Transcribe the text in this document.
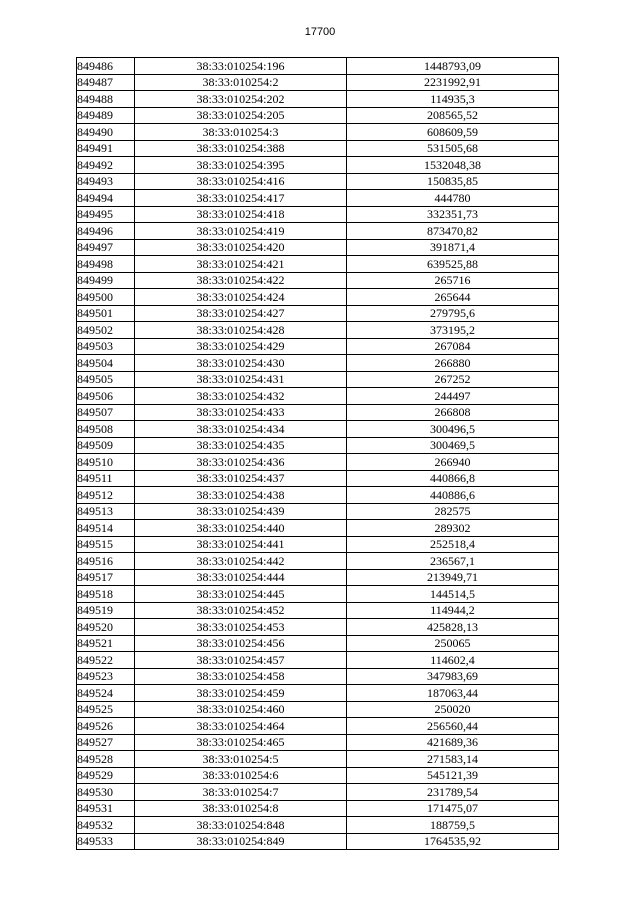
17700
849486	38:33:010254:196	1448793,09
849487	38:33:010254:2	2231992,91
849488	38:33:010254:202	114935,3
849489	38:33:010254:205	208565,52
849490	38:33:010254:3	608609,59
849491	38:33:010254:388	531505,68
849492	38:33:010254:395	1532048,38
849493	38:33:010254:416	150835,85
849494	38:33:010254:417	444780
849495	38:33:010254:418	332351,73
849496	38:33:010254:419	873470,82
849497	38:33:010254:420	391871,4
849498	38:33:010254:421	639525,88
849499	38:33:010254:422	265716
849500	38:33:010254:424	265644
849501	38:33:010254:427	279795,6
849502	38:33:010254:428	373195,2
849503	38:33:010254:429	267084
849504	38:33:010254:430	266880
849505	38:33:010254:431	267252
849506	38:33:010254:432	244497
849507	38:33:010254:433	266808
849508	38:33:010254:434	300496,5
849509	38:33:010254:435	300469,5
849510	38:33:010254:436	266940
849511	38:33:010254:437	440866,8
849512	38:33:010254:438	440886,6
849513	38:33:010254:439	282575
849514	38:33:010254:440	289302
849515	38:33:010254:441	252518,4
849516	38:33:010254:442	236567,1
849517	38:33:010254:444	213949,71
849518	38:33:010254:445	144514,5
849519	38:33:010254:452	114944,2
849520	38:33:010254:453	425828,13
849521	38:33:010254:456	250065
849522	38:33:010254:457	114602,4
849523	38:33:010254:458	347983,69
849524	38:33:010254:459	187063,44
849525	38:33:010254:460	250020
849526	38:33:010254:464	256560,44
849527	38:33:010254:465	421689,36
849528	38:33:010254:5	271583,14
849529	38:33:010254:6	545121,39
849530	38:33:010254:7	231789,54
849531	38:33:010254:8	171475,07
849532	38:33:010254:848	188759,5
849533	38:33:010254:849	1764535,92
